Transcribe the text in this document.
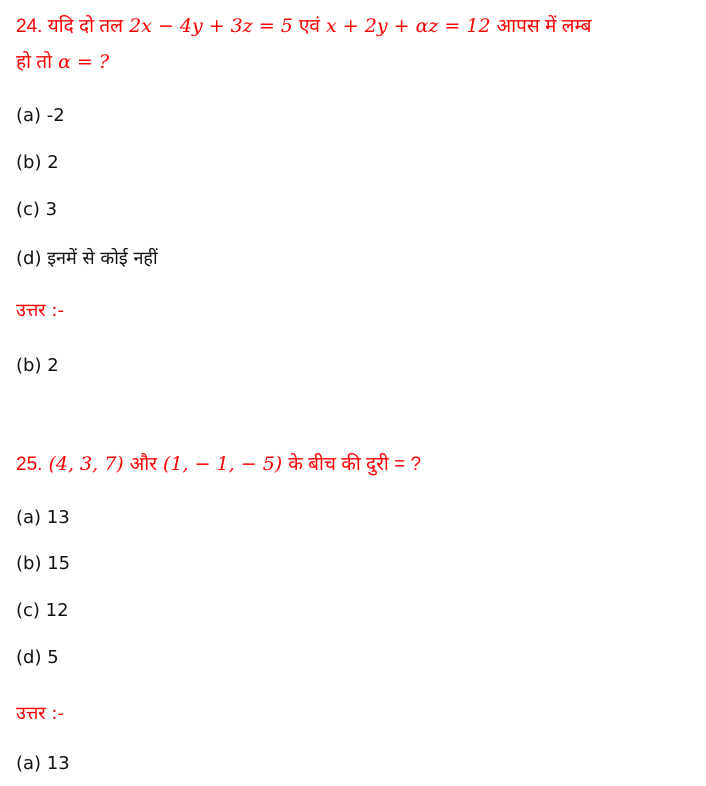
24. यदि दो तल 2x − 4y + 3z = 5 एवं x + 2y + αz = 12 आपस में लम्ब
हो तो α = ?
(a) -2
(b) 2
(c) 3
(d) इनमें से कोई नहीं
उत्तर :-
(b) 2
25. (4, 3, 7) और (1, − 1, − 5) के बीच की दुरी = ?
(a) 13
(b) 15
(c) 12
(d) 5
उत्तर :-
(a) 13
